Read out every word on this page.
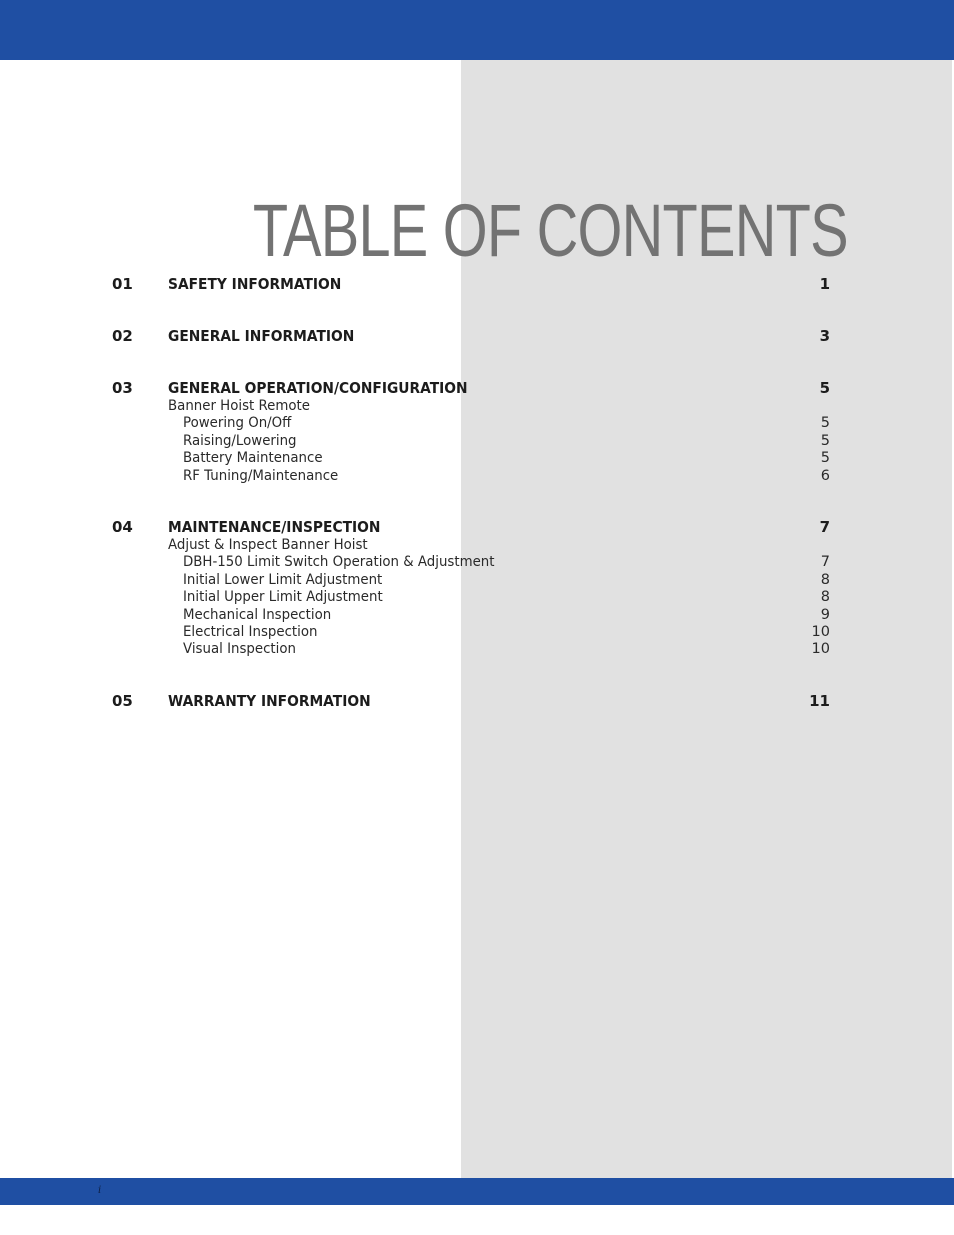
TABLE OF CONTENTS
01 SAFETY INFORMATION	1
02 GENERAL INFORMATION	3
03 GENERAL OPERATION/CONFIGURATION	5
Banner Hoist Remote
Powering On/Off	5
Raising/Lowering	5
Battery Maintenance	5
RF Tuning/Maintenance	6
04 MAINTENANCE/INSPECTION	7
Adjust & Inspect Banner Hoist
DBH-150 Limit Switch Operation & Adjustment	7
Initial Lower Limit Adjustment	8
Initial Upper Limit Adjustment	8
Mechanical Inspection	9
Electrical Inspection	10
Visual Inspection	10
05 WARRANTY INFORMATION	11
i
